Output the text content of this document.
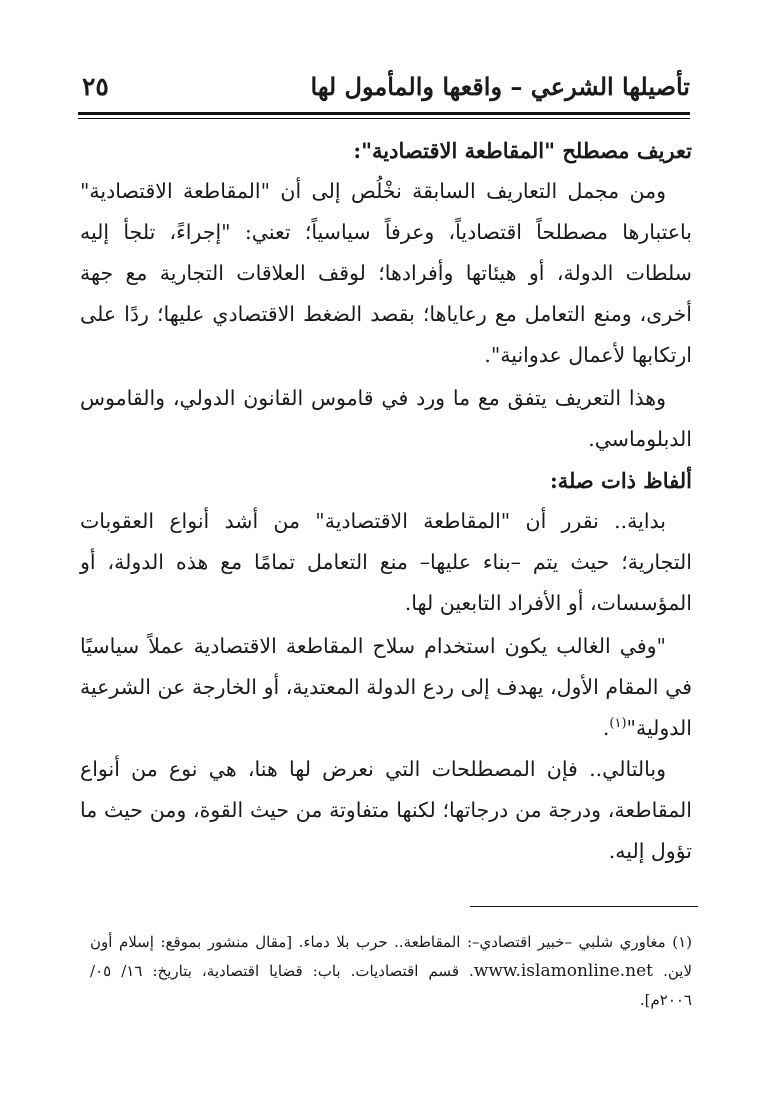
تأصيلها الشرعي – واقعها والمأمول لها
٢٥

تعريف مصطلح "المقاطعة الاقتصادية":

ومن مجمل التعاريف السابقة نخْلُص إلى أن "المقاطعة الاقتصادية" باعتبارها مصطلحاً اقتصادياً، وعرفاً سياسياً؛ تعني: "إجراءً، تلجأ إليه سلطات الدولة، أو هيئاتها وأفرادها؛ لوقف العلاقات التجارية مع جهة أخرى، ومنع التعامل مع رعاياها؛ بقصد الضغط الاقتصادي عليها؛ ردًا على ارتكابها لأعمال عدوانية".

وهذا التعريف يتفق مع ما ورد في قاموس القانون الدولي، والقاموس الدبلوماسي.

ألفاظ ذات صلة:

بداية.. نقرر أن "المقاطعة الاقتصادية" من أشد أنواع العقوبات التجارية؛ حيث يتم –بناء عليها– منع التعامل تمامًا مع هذه الدولة، أو المؤسسات، أو الأفراد التابعين لها.

"وفي الغالب يكون استخدام سلاح المقاطعة الاقتصادية عملاً سياسيًا في المقام الأول، يهدف إلى ردع الدولة المعتدية، أو الخارجة عن الشرعية الدولية"$^{(١)}$.

وبالتالي.. فإن المصطلحات التي نعرض لها هنا، هي نوع من أنواع المقاطعة، ودرجة من درجاتها؛ لكنها متفاوتة من حيث القوة، ومن حيث ما تؤول إليه.

(١) مغاوري شلبي –خبير اقتصادي–: المقاطعة.. حرب بلا دماء. [مقال منشور بموقع: إسلام أون لاين. www.islamonline.net. قسم اقتصاديات. باب: قضايا اقتصادية، بتاريخ: ١٦/ ٠٥/ ٢٠٠٦م].
